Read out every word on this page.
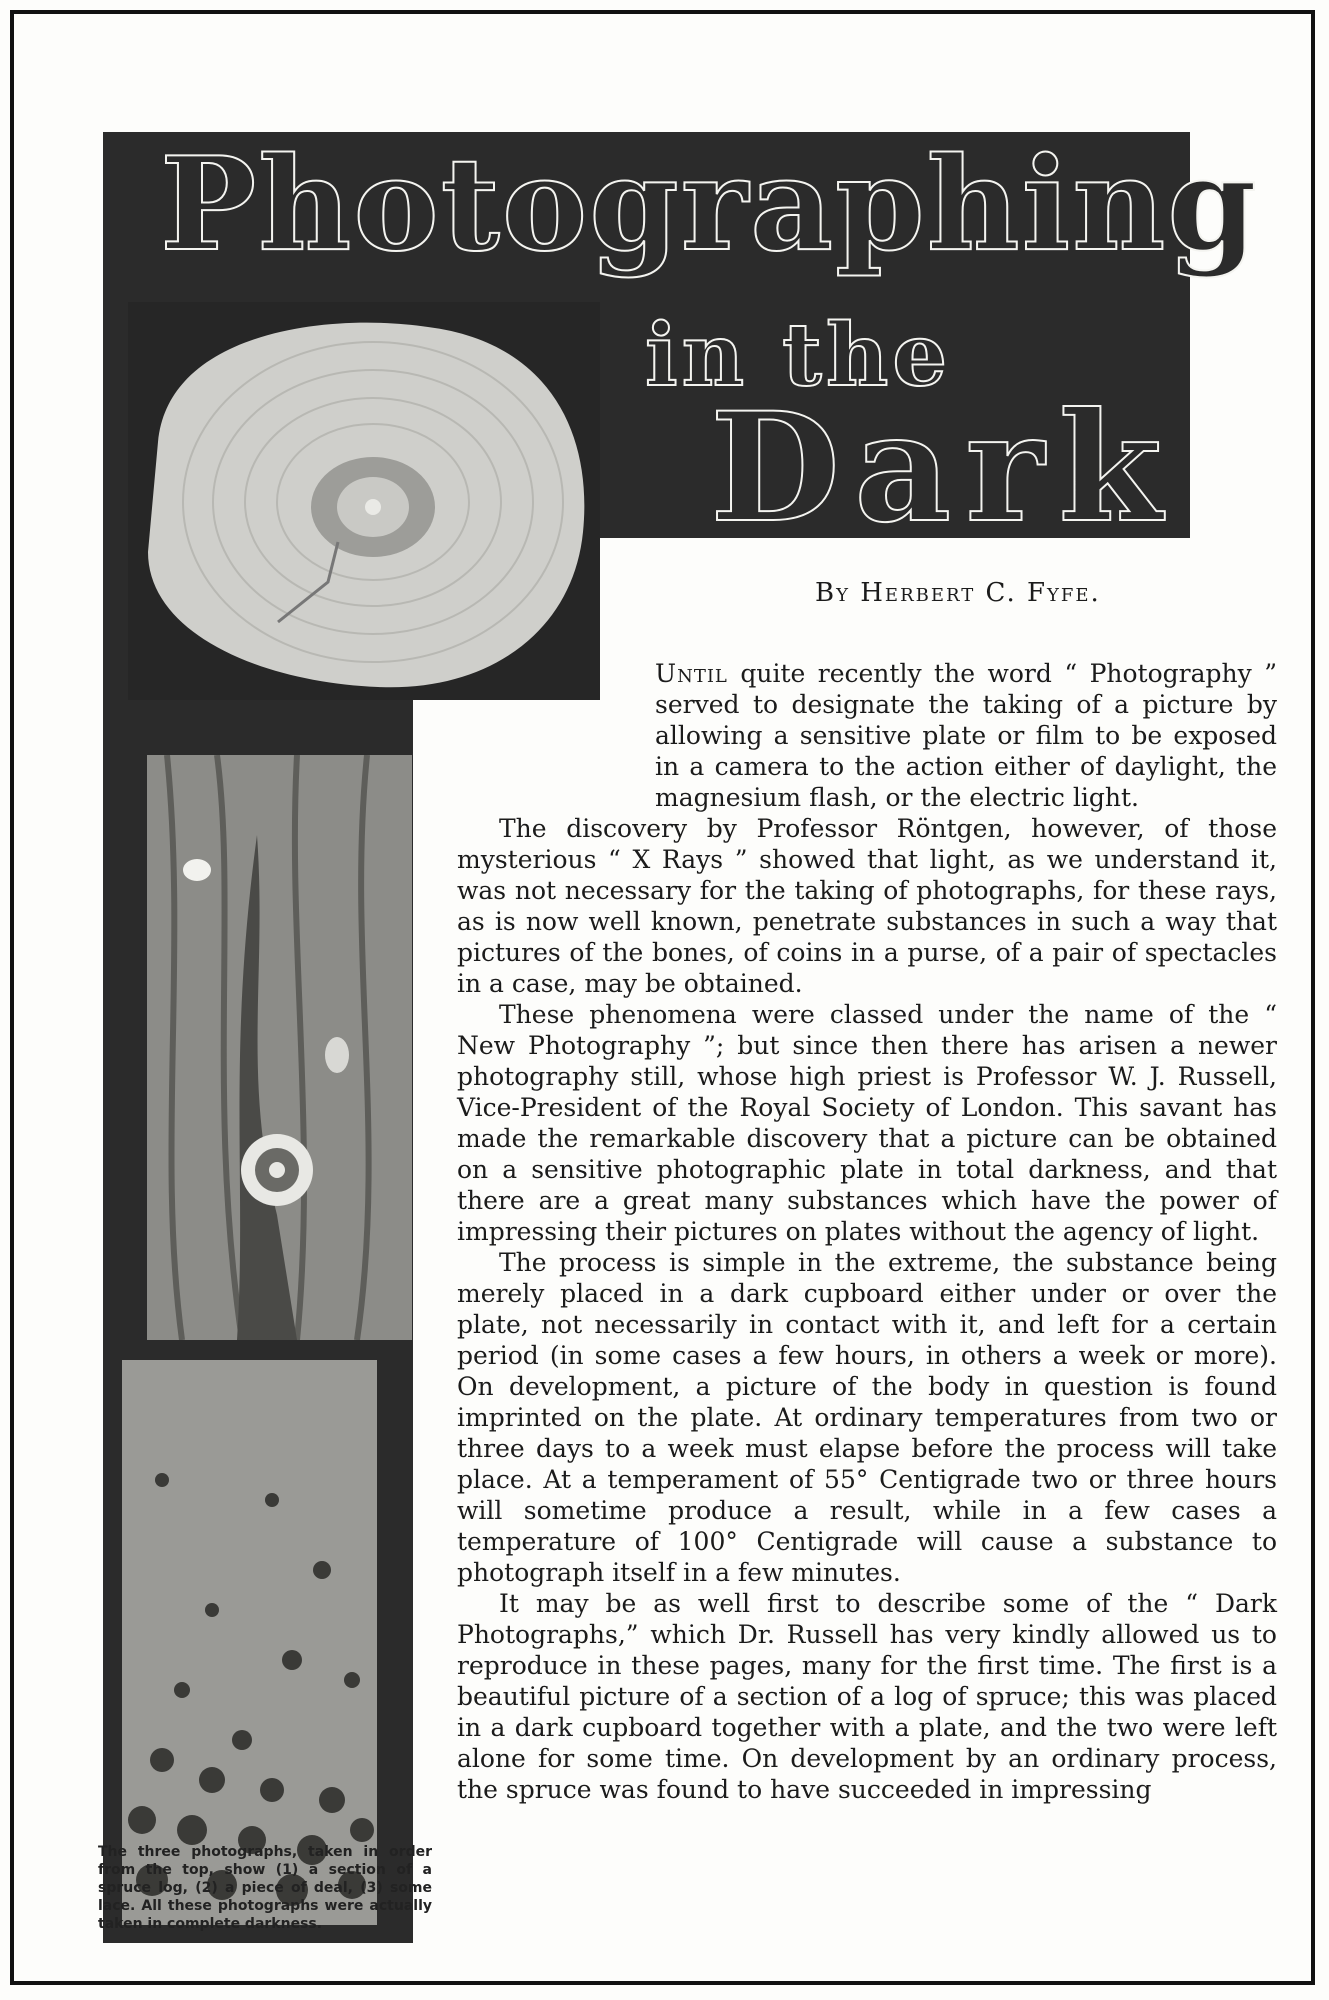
Photographing
in the
Dark

By Herbert C. Fyfe.

Until quite recently the word “ Photography ” served to designate the taking of a picture by allowing a sensitive plate or film to be exposed in a camera to the action either of daylight, the magnesium flash, or the electric light.

The discovery by Professor Röntgen, however, of those mysterious “ X Rays ” showed that light, as we understand it, was not necessary for the taking of photographs, for these rays, as is now well known, penetrate substances in such a way that pictures of the bones, of coins in a purse, of a pair of spectacles in a case, may be obtained.

These phenomena were classed under the name of the “ New Photography ”; but since then there has arisen a newer photography still, whose high priest is Professor W. J. Russell, Vice-President of the Royal Society of London. This savant has made the remarkable discovery that a picture can be obtained on a sensitive photographic plate in total darkness, and that there are a great many substances which have the power of impressing their pictures on plates without the agency of light.

The process is simple in the extreme, the substance being merely placed in a dark cupboard either under or over the plate, not necessarily in contact with it, and left for a certain period (in some cases a few hours, in others a week or more). On development, a picture of the body in question is found imprinted on the plate. At ordinary temperatures from two or three days to a week must elapse before the process will take place. At a temperament of 55° Centigrade two or three hours will sometime produce a result, while in a few cases a temperature of 100° Centigrade will cause a substance to photograph itself in a few minutes.

It may be as well first to describe some of the “ Dark Photographs,” which Dr. Russell has very kindly allowed us to reproduce in these pages, many for the first time. The first is a beautiful picture of a section of a log of spruce; this was placed in a dark cupboard together with a plate, and the two were left alone for some time. On development by an ordinary process, the spruce was found to have succeeded in impressing

The three photographs, taken in order from the top, show (1) a section of a spruce log, (2) a piece of deal, (3) some lace. All these photographs were actually taken in complete darkness.
